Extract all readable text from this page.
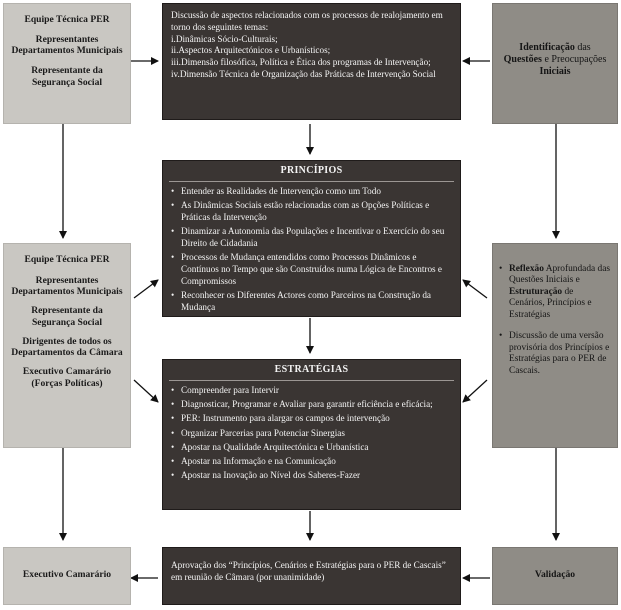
Equipe Técnica PER

Representantes Departamentos Municipais

Representante da Segurança Social

Discussão de aspectos relacionados com os processos de realojamento em torno dos seguintes temas:
i.Dinâmicas Sócio-Culturais;
ii.Aspectos Arquitectónicos e Urbanísticos;
iii.Dimensão filosófica, Política e Ética dos programas de Intervenção;
iv.Dimensão Técnica de Organização das Práticas de Intervenção Social
Identificação das Questões e Preocupações Iniciais
PRINCÍPIOS
• Entender as Realidades de Intervenção como um Todo
• As Dinâmicas Sociais estão relacionadas com as Opções Políticas e Práticas da Intervenção
• Dinamizar a Autonomia das Populações e Incentivar o Exercício do seu Direito de Cidadania
• Processos de Mudança entendidos como Processos Dinâmicos e Contínuos no Tempo que são Construídos numa Lógica de Encontros e Compromissos
• Reconhecer os Diferentes Actores como Parceiros na Construção da Mudança

Equipe Técnica PER

Representantes Departamentos Municipais

Representante da Segurança Social

Dirigentes de todos os Departamentos da Câmara

Executivo Camarário (Forças Políticas)

• Reflexão Aprofundada das Questões Iniciais e Estruturação de Cenários, Princípios e Estratégias
• Discussão de uma versão provisória dos Princípios e Estratégias para o PER de Cascais.
ESTRATÉGIAS
• Compreender para Intervir
• Diagnosticar, Programar e Avaliar para garantir eficiência e eficácia;
• PER: Instrumento para alargar os campos de intervenção
• Organizar Parcerias para Potenciar Sinergias
• Apostar na Qualidade Arquitectónica e Urbanística
• Apostar na Informação e na Comunicação
• Apostar na Inovação ao Nível dos Saberes-Fazer
Executivo Camarário
Aprovação dos “Princípios, Cenários e Estratégias para o PER de Cascais” em reunião de Câmara (por unanimidade)	Validação
